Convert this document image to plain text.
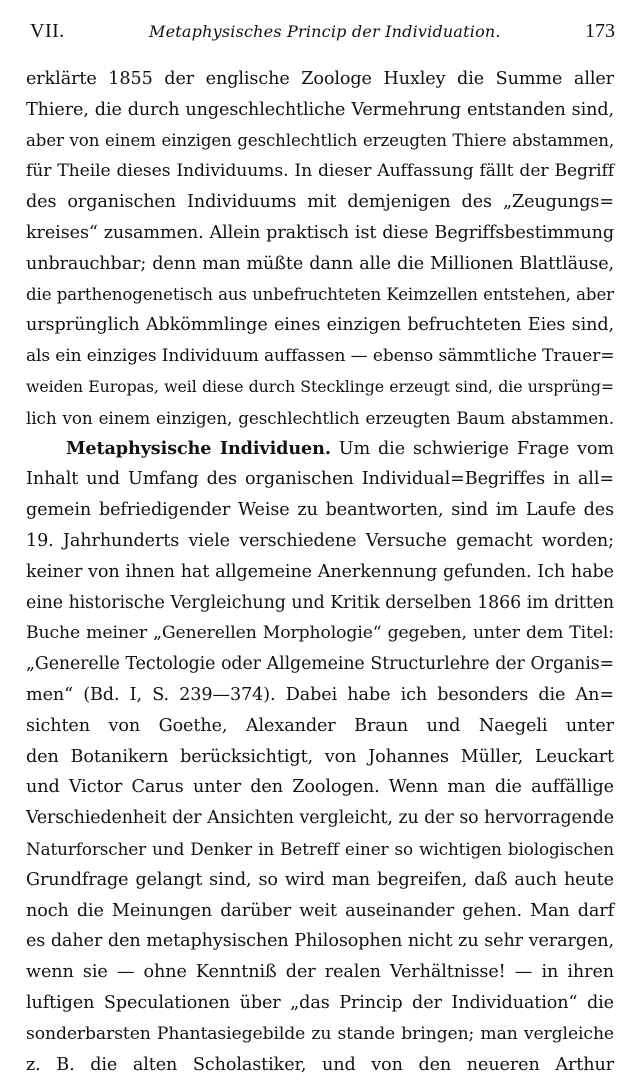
VII.	Metaphysisches Princip der Individuation.	173
erklärte 1855 der englische Zoologe Huxley die Summe aller
Thiere, die durch ungeschlechtliche Vermehrung entstanden sind,
aber von einem einzigen geschlechtlich erzeugten Thiere abstammen,
für Theile dieses Individuums. In dieser Auffassung fällt der Begriff
des organischen Individuums mit demjenigen des „Zeugungs=
kreises“ zusammen. Allein praktisch ist diese Begriffsbestimmung
unbrauchbar; denn man müßte dann alle die Millionen Blattläuse,
die parthenogenetisch aus unbefruchteten Keimzellen entstehen, aber
ursprünglich Abkömmlinge eines einzigen befruchteten Eies sind,
als ein einziges Individuum auffassen — ebenso sämmtliche Trauer=
weiden Europas, weil diese durch Stecklinge erzeugt sind, die ursprüng=
lich von einem einzigen, geschlechtlich erzeugten Baum abstammen.
Metaphysische Individuen. Um die schwierige Frage vom
Inhalt und Umfang des organischen Individual=Begriffes in all=
gemein befriedigender Weise zu beantworten, sind im Laufe des
19. Jahrhunderts viele verschiedene Versuche gemacht worden;
keiner von ihnen hat allgemeine Anerkennung gefunden. Ich habe
eine historische Vergleichung und Kritik derselben 1866 im dritten
Buche meiner „Generellen Morphologie“ gegeben, unter dem Titel:
„Generelle Tectologie oder Allgemeine Structurlehre der Organis=
men“ (Bd. I, S. 239—374). Dabei habe ich besonders die An=
sichten von Goethe, Alexander Braun und Naegeli unter
den Botanikern berücksichtigt, von Johannes Müller, Leuckart
und Victor Carus unter den Zoologen. Wenn man die auffällige
Verschiedenheit der Ansichten vergleicht, zu der so hervorragende
Naturforscher und Denker in Betreff einer so wichtigen biologischen
Grundfrage gelangt sind, so wird man begreifen, daß auch heute
noch die Meinungen darüber weit auseinander gehen. Man darf
es daher den metaphysischen Philosophen nicht zu sehr verargen,
wenn sie — ohne Kenntniß der realen Verhältnisse! — in ihren
luftigen Speculationen über „das Princip der Individuation“ die
sonderbarsten Phantasiegebilde zu stande bringen; man vergleiche
z. B. die alten Scholastiker, und von den neueren Arthur
